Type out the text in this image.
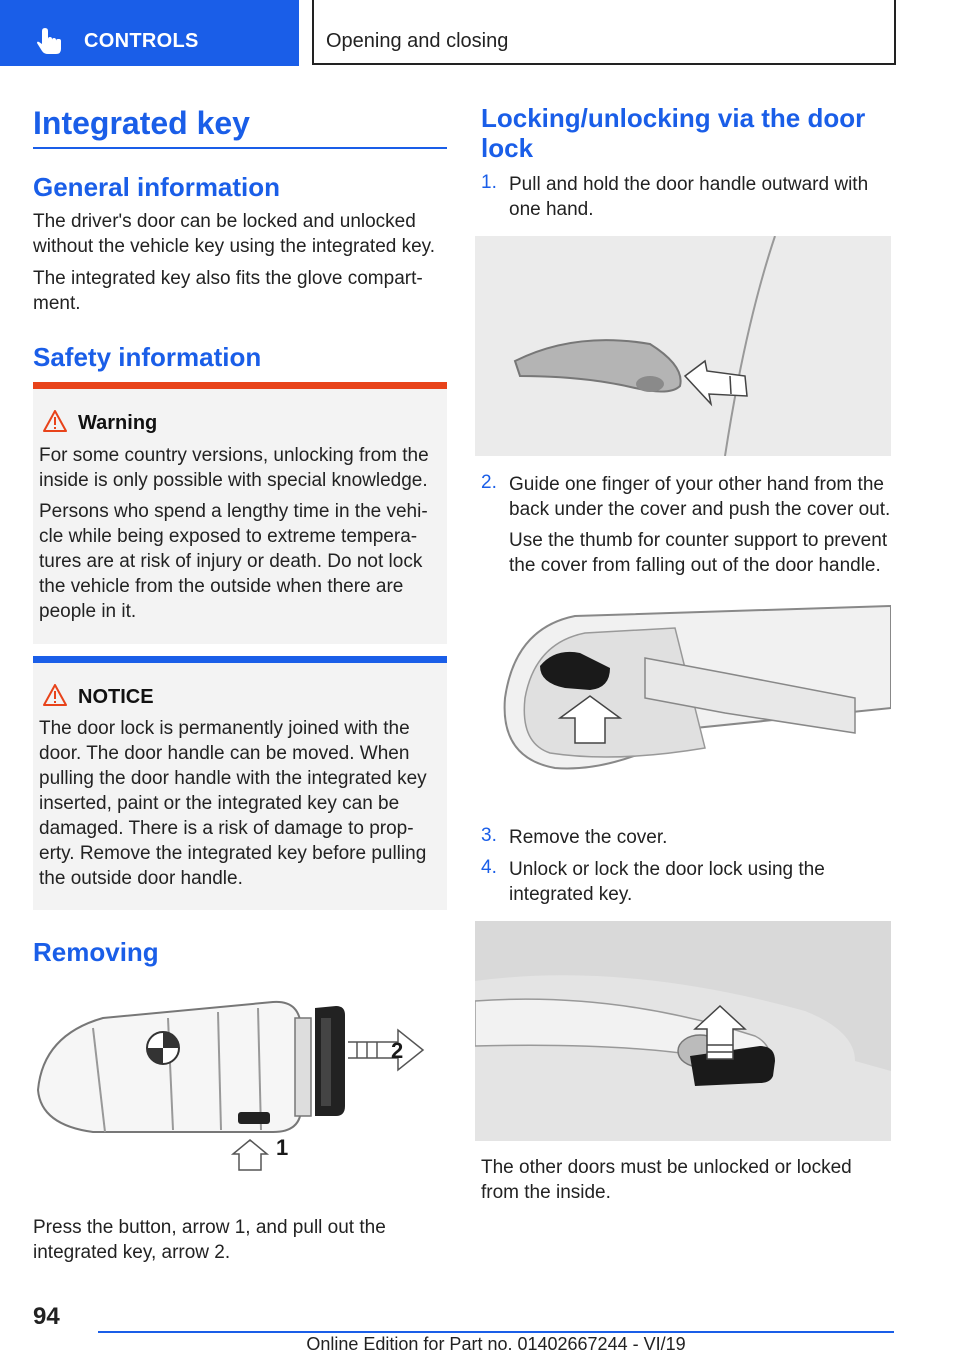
CONTROLS	Opening and closing
Integrated key
General information
The driver's door can be locked and unlocked without the vehicle key using the integrated key.
The integrated key also fits the glove compart-ment.
Safety information
Warning
For some country versions, unlocking from the inside is only possible with special knowledge.
Persons who spend a lengthy time in the vehi-cle while being exposed to extreme tempera-tures are at risk of injury or death. Do not lock the vehicle from the outside when there are people in it.
NOTICE
The door lock is permanently joined with the door. The door handle can be moved. When pulling the door handle with the integrated key inserted, paint or the integrated key can be damaged. There is a risk of damage to prop-erty. Remove the integrated key before pulling the outside door handle.
Removing
2
1
Press the button, arrow 1, and pull out the integrated key, arrow 2.
Locking/unlocking via the door lock
1. Pull and hold the door handle outward with one hand.
2. Guide one finger of your other hand from the back under the cover and push the cover out.
Use the thumb for counter support to prevent the cover from falling out of the door handle.
3. Remove the cover.
4. Unlock or lock the door lock using the integrated key.
The other doors must be unlocked or locked from the inside.
94
Online Edition for Part no. 01402667244 - VI/19
